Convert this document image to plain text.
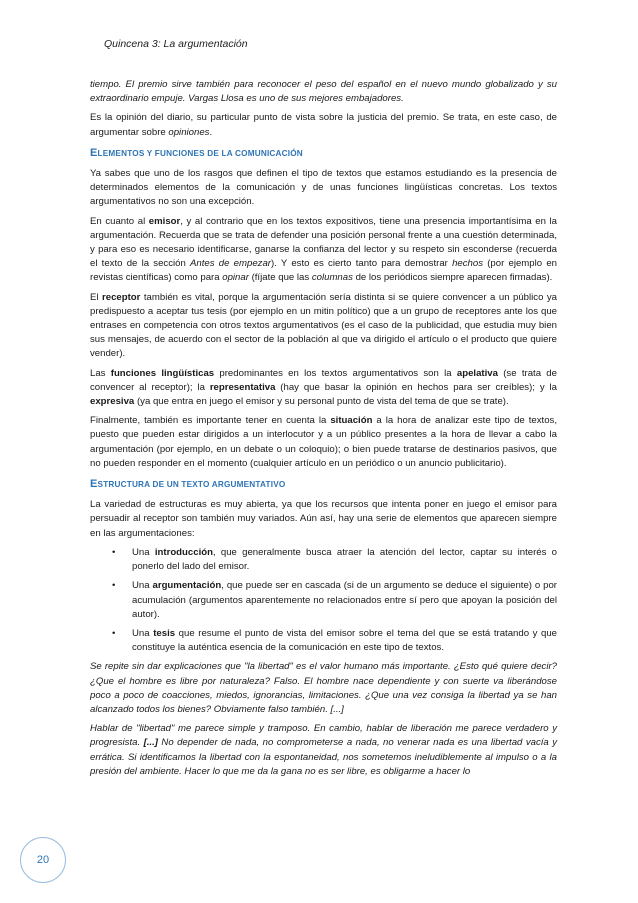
Quincena 3: La argumentación

tiempo. El premio sirve también para reconocer el peso del español en el nuevo mundo globalizado y su extraordinario empuje. Vargas Llosa es uno de sus mejores embajadores.

Es la opinión del diario, su particular punto de vista sobre la justicia del premio. Se trata, en este caso, de argumentar sobre opiniones.

ELEMENTOS Y FUNCIONES DE LA COMUNICACIÓN

Ya sabes que uno de los rasgos que definen el tipo de textos que estamos estudiando es la presencia de determinados elementos de la comunicación y de unas funciones lingüísticas concretas. Los textos argumentativos no son una excepción.

En cuanto al emisor, y al contrario que en los textos expositivos, tiene una presencia importantísima en la argumentación. Recuerda que se trata de defender una posición personal frente a una cuestión determinada, y para eso es necesario identificarse, ganarse la confianza del lector y su respeto sin esconderse (recuerda el texto de la sección Antes de empezar). Y esto es cierto tanto para demostrar hechos (por ejemplo en revistas científicas) como para opinar (fíjate que las columnas de los periódicos siempre aparecen firmadas).

El receptor también es vital, porque la argumentación sería distinta si se quiere convencer a un público ya predispuesto a aceptar tus tesis (por ejemplo en un mitin político) que a un grupo de receptores ante los que entrases en competencia con otros textos argumentativos (es el caso de la publicidad, que estudia muy bien sus mensajes, de acuerdo con el sector de la población al que va dirigido el artículo o el producto que quiere vender).

Las funciones lingüísticas predominantes en los textos argumentativos son la apelativa (se trata de convencer al receptor); la representativa (hay que basar la opinión en hechos para ser creíbles); y la expresiva (ya que entra en juego el emisor y su personal punto de vista del tema de que se trate).

Finalmente, también es importante tener en cuenta la situación a la hora de analizar este tipo de textos, puesto que pueden estar dirigidos a un interlocutor y a un público presentes a la hora de llevar a cabo la argumentación (por ejemplo, en un debate o un coloquio); o bien puede tratarse de destinarios pasivos, que no pueden responder en el momento (cualquier artículo en un periódico o un anuncio publicitario).

ESTRUCTURA DE UN TEXTO ARGUMENTATIVO

La variedad de estructuras es muy abierta, ya que los recursos que intenta poner en juego el emisor para persuadir al receptor son también muy variados. Aún así, hay una serie de elementos que aparecen siempre en las argumentaciones:

• Una introducción, que generalmente busca atraer la atención del lector, captar su interés o ponerlo del lado del emisor.
• Una argumentación, que puede ser en cascada (si de un argumento se deduce el siguiente) o por acumulación (argumentos aparentemente no relacionados entre sí pero que apoyan la posición del autor).
• Una tesis que resume el punto de vista del emisor sobre el tema del que se está tratando y que constituye la auténtica esencia de la comunicación en este tipo de textos.

Se repite sin dar explicaciones que "la libertad" es el valor humano más importante. ¿Esto qué quiere decir? ¿Que el hombre es libre por naturaleza? Falso. El hombre nace dependiente y con suerte va liberándose poco a poco de coacciones, miedos, ignorancias, limitaciones. ¿Que una vez consiga la libertad ya se han alcanzado todos los bienes? Obviamente falso también. [...]

Hablar de "libertad" me parece simple y tramposo. En cambio, hablar de liberación me parece verdadero y progresista. [...] No depender de nada, no comprometerse a nada, no venerar nada es una libertad vacía y errática. Si identificamos la libertad con la espontaneidad, nos sometemos ineludiblemente al impulso o a la presión del ambiente. Hacer lo que me da la gana no es ser libre, es obligarme a hacer lo

20
